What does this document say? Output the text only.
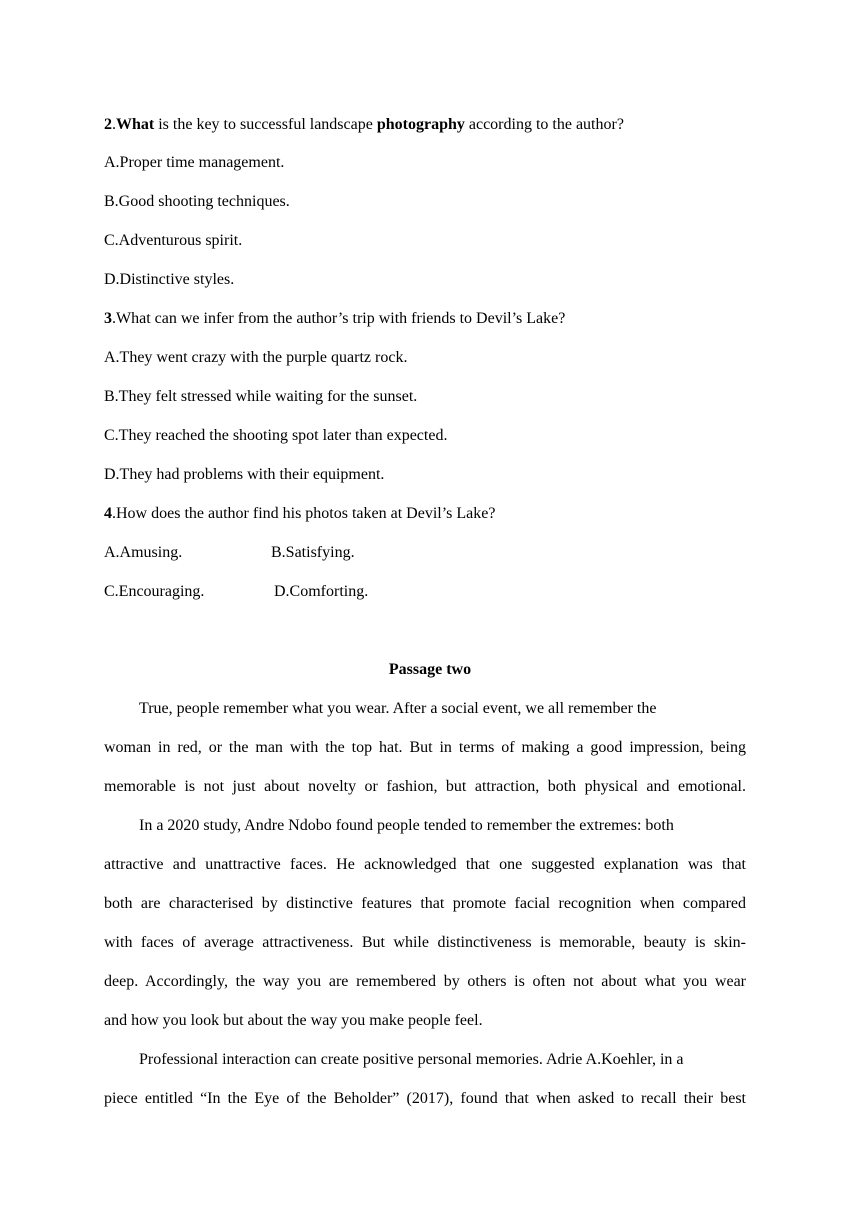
2.What is the key to successful landscape photography according to the author?
A.Proper time management.
B.Good shooting techniques.
C.Adventurous spirit.
D.Distinctive styles.
3.What can we infer from the author’s trip with friends to Devil’s Lake?
A.They went crazy with the purple quartz rock.
B.They felt stressed while waiting for the sunset.
C.They reached the shooting spot later than expected.
D.They had problems with their equipment.
4.How does the author find his photos taken at Devil’s Lake?
A.Amusing.	B.Satisfying.
C.Encouraging.	D.Comforting.
Passage two
True, people remember what you wear. After a social event, we all remember the
woman in red, or the man with the top hat. But in terms of making a good impression, being
memorable is not just about novelty or fashion, but attraction, both physical and emotional.
In a 2020 study, Andre Ndobo found people tended to remember the extremes: both
attractive and unattractive faces. He acknowledged that one suggested explanation was that
both are characterised by distinctive features that promote facial recognition when compared
with faces of average attractiveness. But while distinctiveness is memorable, beauty is skin-
deep. Accordingly, the way you are remembered by others is often not about what you wear
and how you look but about the way you make people feel.
Professional interaction can create positive personal memories. Adrie A.Koehler, in a
piece entitled “In the Eye of the Beholder” (2017), found that when asked to recall their best
